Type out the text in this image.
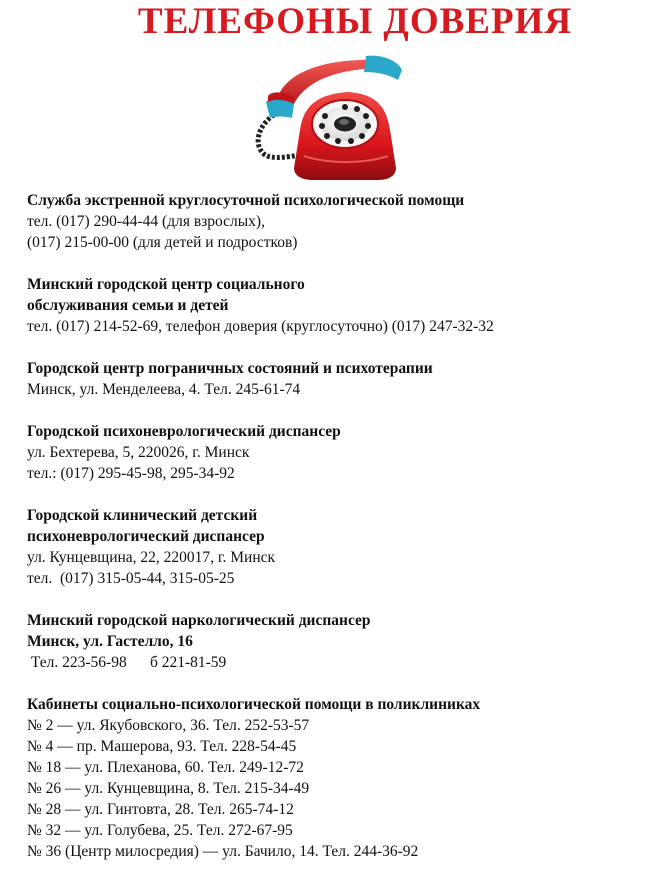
ТЕЛЕФОНЫ ДОВЕРИЯ
Служба экстренной круглосуточной психологической помощи
тел. (017) 290-44-44 (для взрослых),
(017) 215-00-00 (для детей и подростков)
Минский городской центр социального
обслуживания семьи и детей
тел. (017) 214-52-69, телефон доверия (круглосуточно) (017) 247-32-32
Городской центр пограничных состояний и психотерапии
Минск, ул. Менделеева, 4. Тел. 245-61-74
Городской психоневрологический диспансер
ул. Бехтерева, 5, 220026, г. Минск
тел.: (017) 295-45-98, 295-34-92
Городской клинический детский
психоневрологический диспансер
ул. Кунцевщина, 22, 220017, г. Минск
тел.  (017) 315-05-44, 315-05-25
Минский городской наркологический диспансер
Минск, ул. Гастелло, 16
Тел. 223-56-98      б 221-81-59
Кабинеты социально-психологической помощи в поликлиниках
№ 2 — ул. Якубовского, 36. Тел. 252-53-57
№ 4 — пр. Машерова, 93. Тел. 228-54-45
№ 18 — ул. Плеханова, 60. Тел. 249-12-72
№ 26 — ул. Кунцевщина, 8. Тел. 215-34-49
№ 28 — ул. Гинтовта, 28. Тел. 265-74-12
№ 32 — ул. Голубева, 25. Тел. 272-67-95
№ 36 (Центр милосредия) — ул. Бачило, 14. Тел. 244-36-92
